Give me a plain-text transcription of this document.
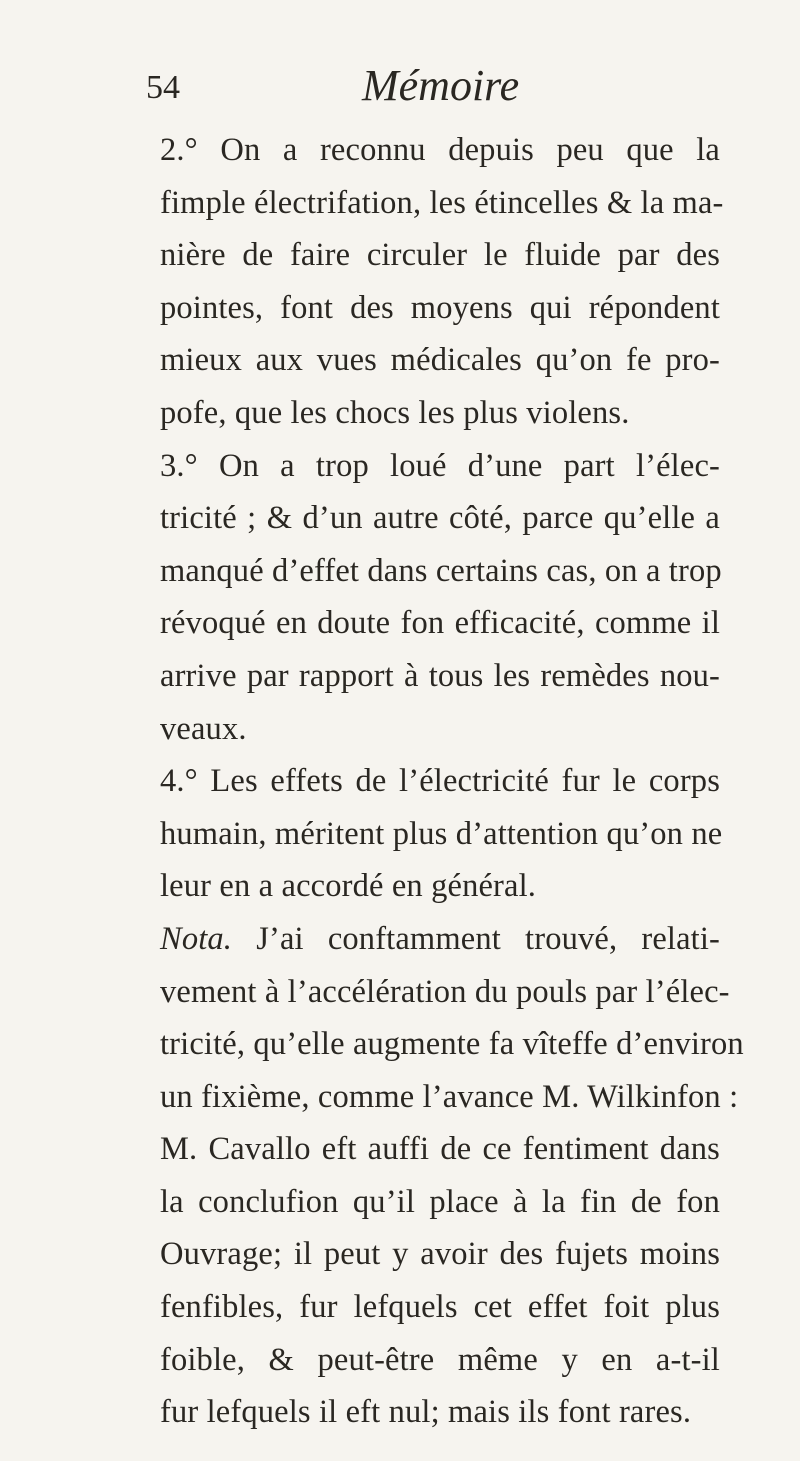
54	Mémoire
2.° On a reconnu depuis peu que la
fimple électrifation, les étincelles & la ma-
nière de faire circuler le fluide par des
pointes, font des moyens qui répondent
mieux aux vues médicales qu’on fe pro-
pofe, que les chocs les plus violens.
3.° On a trop loué d’une part l’élec-
tricité ; & d’un autre côté, parce qu’elle a
manqué d’effet dans certains cas, on a trop
révoqué en doute fon efficacité, comme il
arrive par rapport à tous les remèdes nou-
veaux.
4.° Les effets de l’électricité fur le corps
humain, méritent plus d’attention qu’on ne
leur en a accordé en général.
Nota. J’ai conftamment trouvé, relati-
vement à l’accélération du pouls par l’élec-
tricité, qu’elle augmente fa vîteffe d’environ
un fixième, comme l’avance M. Wilkinfon :
M. Cavallo eft auffi de ce fentiment dans
la conclufion qu’il place à la fin de fon
Ouvrage; il peut y avoir des fujets moins
fenfibles, fur lefquels cet effet foit plus
foible, & peut-être même y en a-t-il
fur lefquels il eft nul; mais ils font rares.
